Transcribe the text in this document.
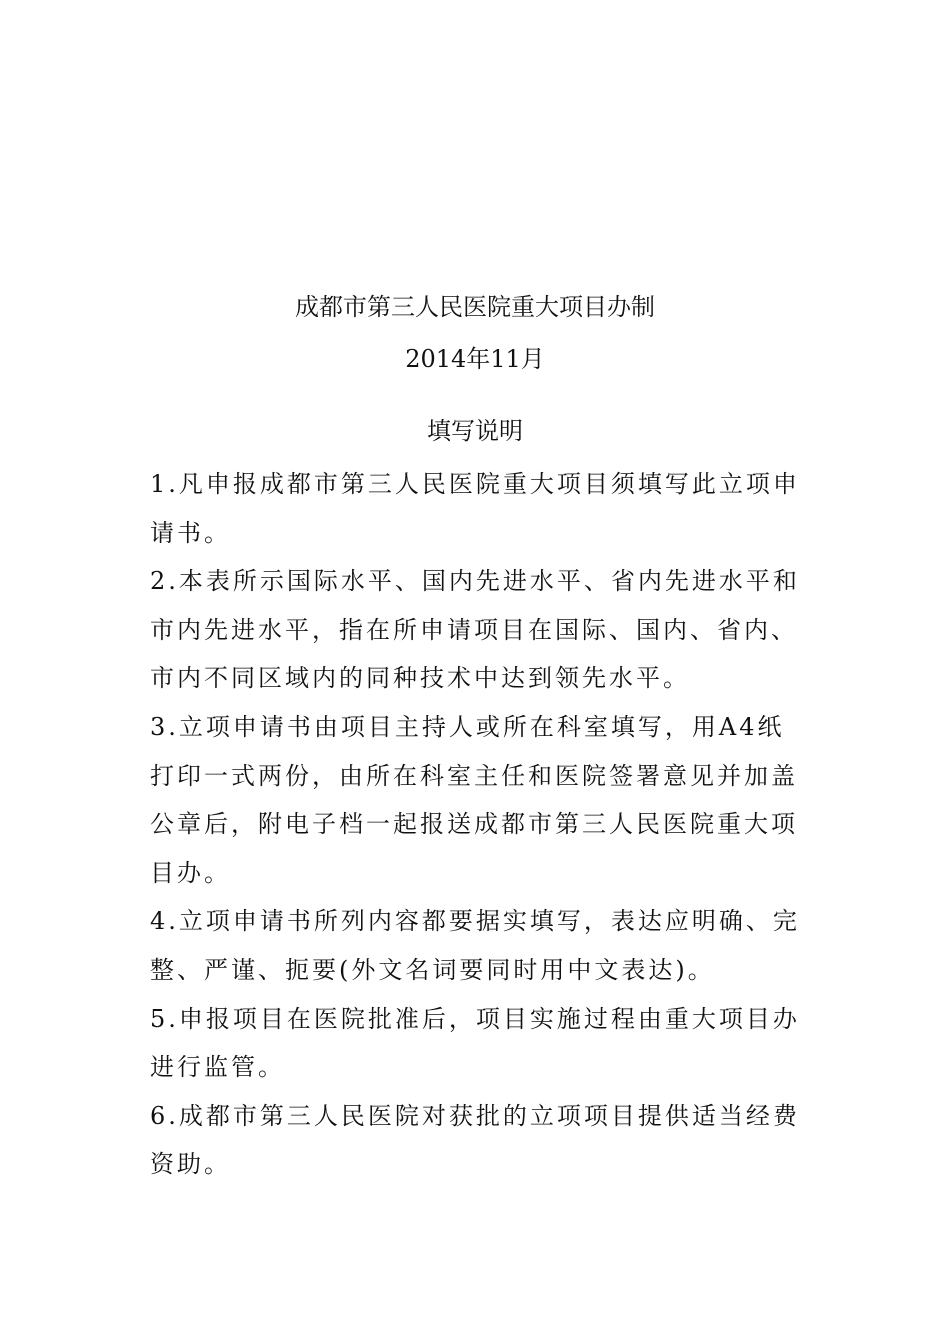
成都市第三人民医院重大项目办制
2014年11月
填写说明

1.凡申报成都市第三人民医院重大项目须填写此立项申请书。

2.本表所示国际水平、国内先进水平、省内先进水平和市内先进水平，指在所申请项目在国际、国内、省内、市内不同区域内的同种技术中达到领先水平。

3.立项申请书由项目主持人或所在科室填写，用A4纸打印一式两份，由所在科室主任和医院签署意见并加盖公章后，附电子档一起报送成都市第三人民医院重大项目办。

4.立项申请书所列内容都要据实填写，表达应明确、完整、严谨、扼要(外文名词要同时用中文表达)。

5.申报项目在医院批准后，项目实施过程由重大项目办进行监管。

6.成都市第三人民医院对获批的立项项目提供适当经费资助。
